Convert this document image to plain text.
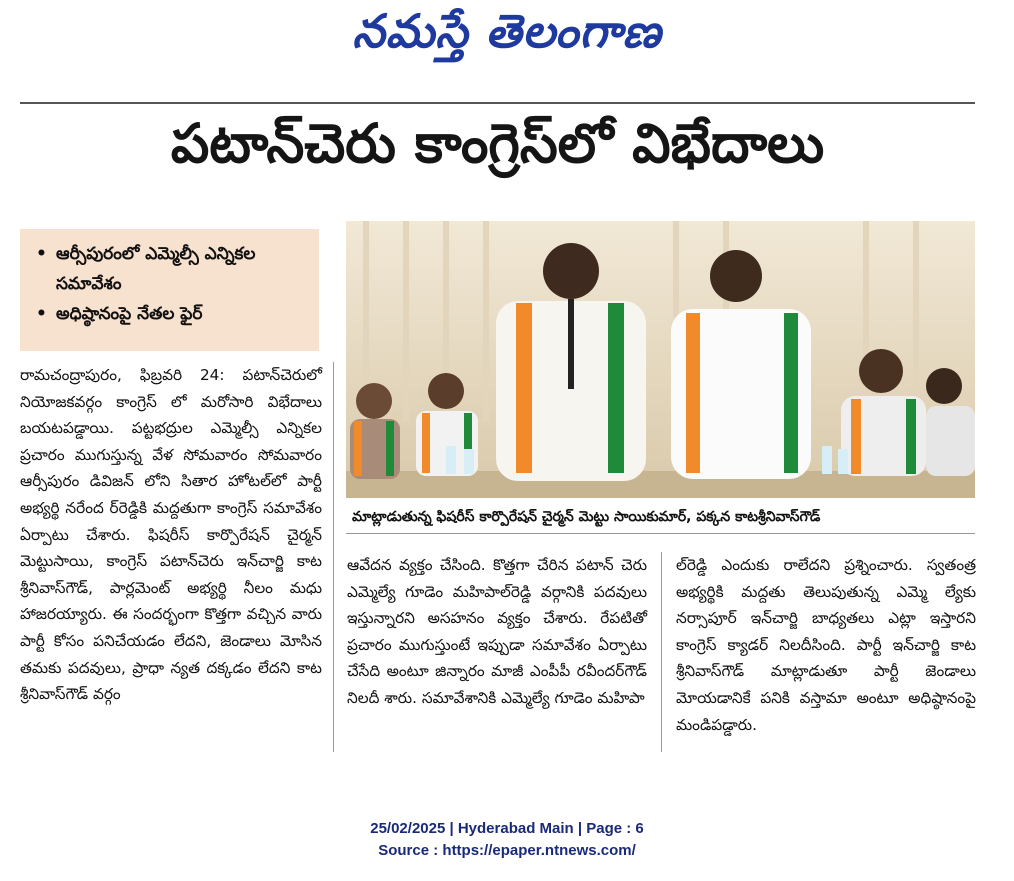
నమస్తే తెలంగాణ
పటాన్‌చెరు కాంగ్రెస్‌లో విభేదాలు
• ఆర్సీపురంలో ఎమ్మెల్సీ ఎన్నికల సమావేశం
• అధిష్ఠానంపై నేతల ఫైర్
మాట్లాడుతున్న ఫిషరీస్ కార్పొరేషన్ చైర్మన్ మెట్టు సాయికుమార్, పక్కన కాటశ్రీనివాస్‌గౌడ్
రామచంద్రాపురం, ఫిబ్రవరి 24: పటాన్‌చెరులో నియోజకవర్గం కాంగ్రెస్ లో మరోసారి విభేదాలు బయటపడ్డాయి. పట్టభద్రుల ఎమ్మెల్సీ ఎన్నికల ప్రచారం ముగుస్తున్న వేళ సోమవారం సోమవారం ఆర్సీపురం డివిజన్ లోని సితార హోటల్‌లో పార్టీ అభ్యర్థి నరేంద ర్‌రెడ్డికి మద్దతుగా కాంగ్రెస్ సమావేశం ఏర్పాటు చేశారు. ఫిషరీస్ కార్పొరేషన్ చైర్మన్ మెట్టుసాయి, కాంగ్రెస్ పటాన్‌చెరు ఇన్‌చార్జి కాట శ్రీనివాస్‌గౌడ్, పార్లమెంట్ అభ్యర్థి నీలం మధు హాజరయ్యారు. ఈ సందర్భంగా కొత్తగా వచ్చిన వారు పార్టీ కోసం పనిచేయడం లేదని, జెండాలు మోసిన తమకు పదవులు, ప్రాధా న్యత దక్కడం లేదని కాట శ్రీనివాస్‌గౌడ్ వర్గం
ఆవేదన వ్యక్తం చేసింది. కొత్తగా చేరిన పటాన్ చెరు ఎమ్మెల్యే గూడెం మహిపాల్‌రెడ్డి వర్గానికి పదవులు ఇస్తున్నారని అసహనం వ్యక్తం చేశారు. రేపటితో ప్రచారం ముగుస్తుంటే ఇప్పుడా సమావేశం ఏర్పాటు చేసేది అంటూ జిన్నారం మాజీ ఎంపీపీ రవీందర్‌గౌడ్ నిలదీ శారు. సమావేశానికి ఎమ్మెల్యే గూడెం మహిపా
ల్‌రెడ్డి ఎందుకు రాలేదని ప్రశ్నించారు. స్వతంత్ర అభ్యర్థికి మద్దతు తెలుపుతున్న ఎమ్మె ల్యేకు నర్సాపూర్ ఇన్‌చార్జి బాధ్యతలు ఎట్లా ఇస్తారని కాంగ్రెస్ క్యాడర్ నిలదీసింది. పార్టీ ఇన్‌చార్జి కాట శ్రీనివాస్‌గౌడ్ మాట్లాడుతూ పార్టీ జెండాలు మోయడానికే పనికి వస్తామా అంటూ అధిష్ఠానంపై మండిపడ్డారు.
25/02/2025 | Hyderabad Main | Page : 6
Source : https://epaper.ntnews.com/
